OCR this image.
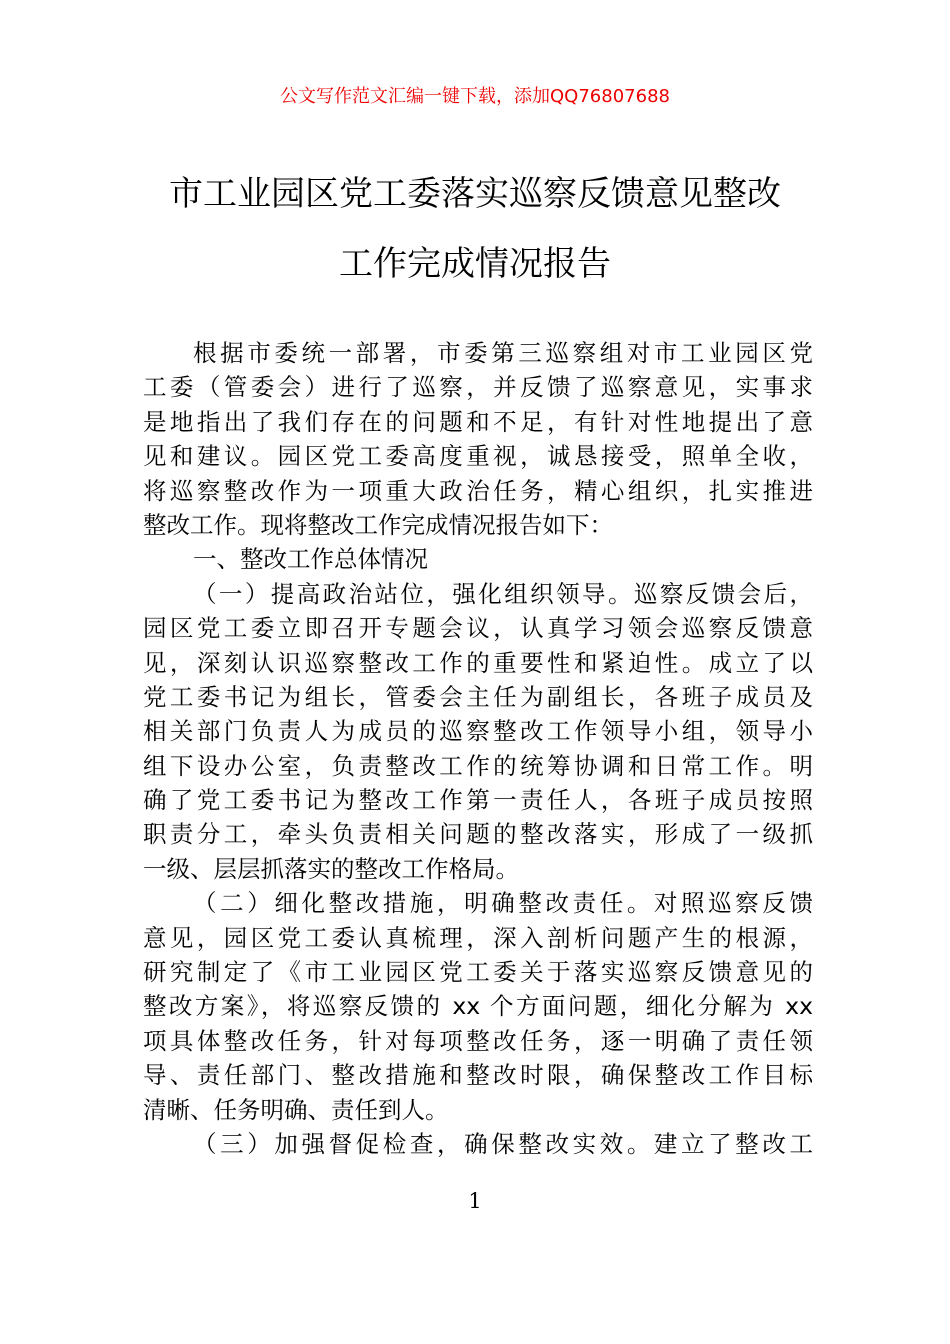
公文写作范文汇编一键下载，添加QQ76807688
市工业园区党工委落实巡察反馈意见整改
工作完成情况报告
根据市委统一部署，市委第三巡察组对市工业园区党
工委（管委会）进行了巡察，并反馈了巡察意见，实事求
是地指出了我们存在的问题和不足，有针对性地提出了意
见和建议。园区党工委高度重视，诚恳接受，照单全收，
将巡察整改作为一项重大政治任务，精心组织，扎实推进
整改工作。现将整改工作完成情况报告如下：
一、整改工作总体情况
（一）提高政治站位，强化组织领导。巡察反馈会后，
园区党工委立即召开专题会议，认真学习领会巡察反馈意
见，深刻认识巡察整改工作的重要性和紧迫性。成立了以
党工委书记为组长，管委会主任为副组长，各班子成员及
相关部门负责人为成员的巡察整改工作领导小组，领导小
组下设办公室，负责整改工作的统筹协调和日常工作。明
确了党工委书记为整改工作第一责任人，各班子成员按照
职责分工，牵头负责相关问题的整改落实，形成了一级抓
一级、层层抓落实的整改工作格局。
（二）细化整改措施，明确整改责任。对照巡察反馈
意见，园区党工委认真梳理，深入剖析问题产生的根源，
研究制定了《市工业园区党工委关于落实巡察反馈意见的
整改方案》，将巡察反馈的 xx 个方面问题，细化分解为 xx
项具体整改任务，针对每项整改任务，逐一明确了责任领
导、责任部门、整改措施和整改时限，确保整改工作目标
清晰、任务明确、责任到人。
（三）加强督促检查，确保整改实效。建立了整改工
1
